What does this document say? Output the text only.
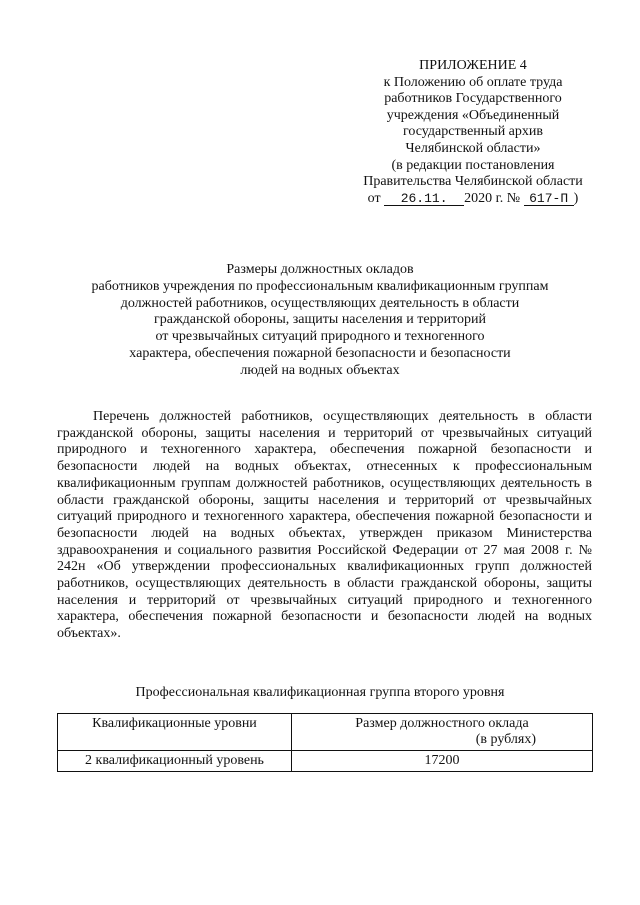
ПРИЛОЖЕНИЕ 4
к Положению об оплате труда
работников Государственного
учреждения «Объединенный
государственный архив
Челябинской области»
(в редакции постановления
Правительства Челябинской области
от 26.11. 2020 г. № 617-П )
Размеры должностных окладов
работников учреждения по профессиональным квалификационным группам
должностей работников, осуществляющих деятельность в области
гражданской обороны, защиты населения и территорий
от чрезвычайных ситуаций природного и техногенного
характера, обеспечения пожарной безопасности и безопасности
людей на водных объектах

Перечень должностей работников, осуществляющих деятельность в области гражданской обороны, защиты населения и территорий от чрезвычайных ситуаций природного и техногенного характера, обеспечения пожарной безопасности и безопасности людей на водных объектах, отнесенных к профессиональным квалификационным группам должностей работников, осуществляющих деятельность в области гражданской обороны, защиты населения и территорий от чрезвычайных ситуаций природного и техногенного характера, обеспечения пожарной безопасности и безопасности людей на водных объектах, утвержден приказом Министерства здравоохранения и социального развития Российской Федерации от 27 мая 2008 г. № 242н «Об утверждении профессиональных квалификационных групп должностей работников, осуществляющих деятельность в области гражданской обороны, защиты населения и территорий от чрезвычайных ситуаций природного и техногенного характера, обеспечения пожарной безопасности и безопасности людей на водных объектах».

Профессиональная квалификационная группа второго уровня
Квалификационные уровни	Размер должностного оклада
(в рублях)

2 квалификационный уровень	17200
